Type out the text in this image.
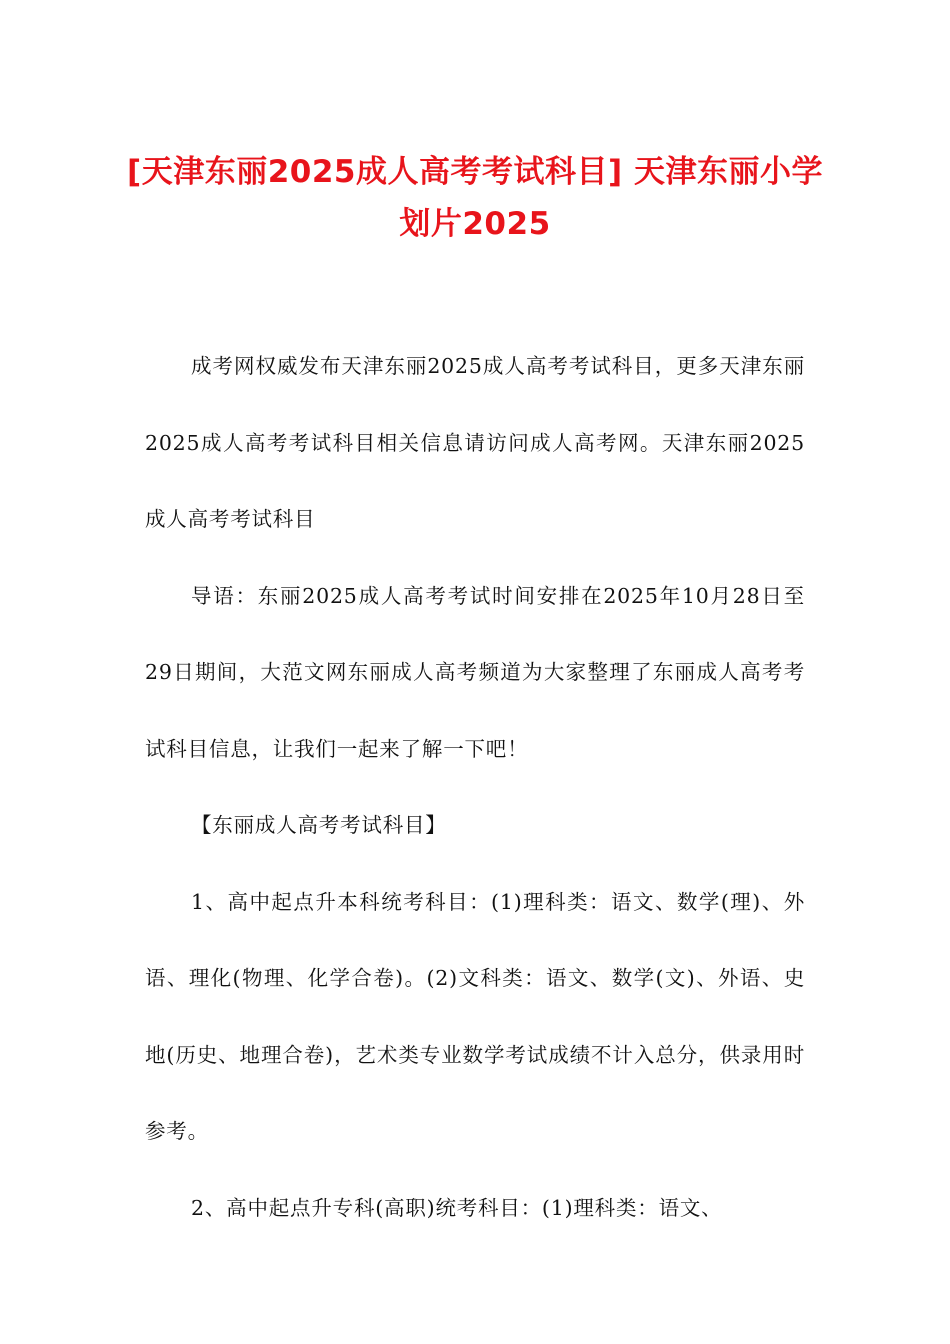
[天津东丽2025成人高考考试科目] 天津东丽小学划片2025

成考网权威发布天津东丽2025成人高考考试科目，更多天津东丽2025成人高考考试科目相关信息请访问成人高考网。天津东丽2025成人高考考试科目

导语：东丽2025成人高考考试时间安排在2025年10月28日至29日期间，大范文网东丽成人高考频道为大家整理了东丽成人高考考试科目信息，让我们一起来了解一下吧！

【东丽成人高考考试科目】

1、高中起点升本科统考科目：(1)理科类：语文、数学(理)、外语、理化(物理、化学合卷)。(2)文科类：语文、数学(文)、外语、史地(历史、地理合卷)，艺术类专业数学考试成绩不计入总分，供录用时参考。

2、高中起点升专科(高职)统考科目：(1)理科类：语文、
